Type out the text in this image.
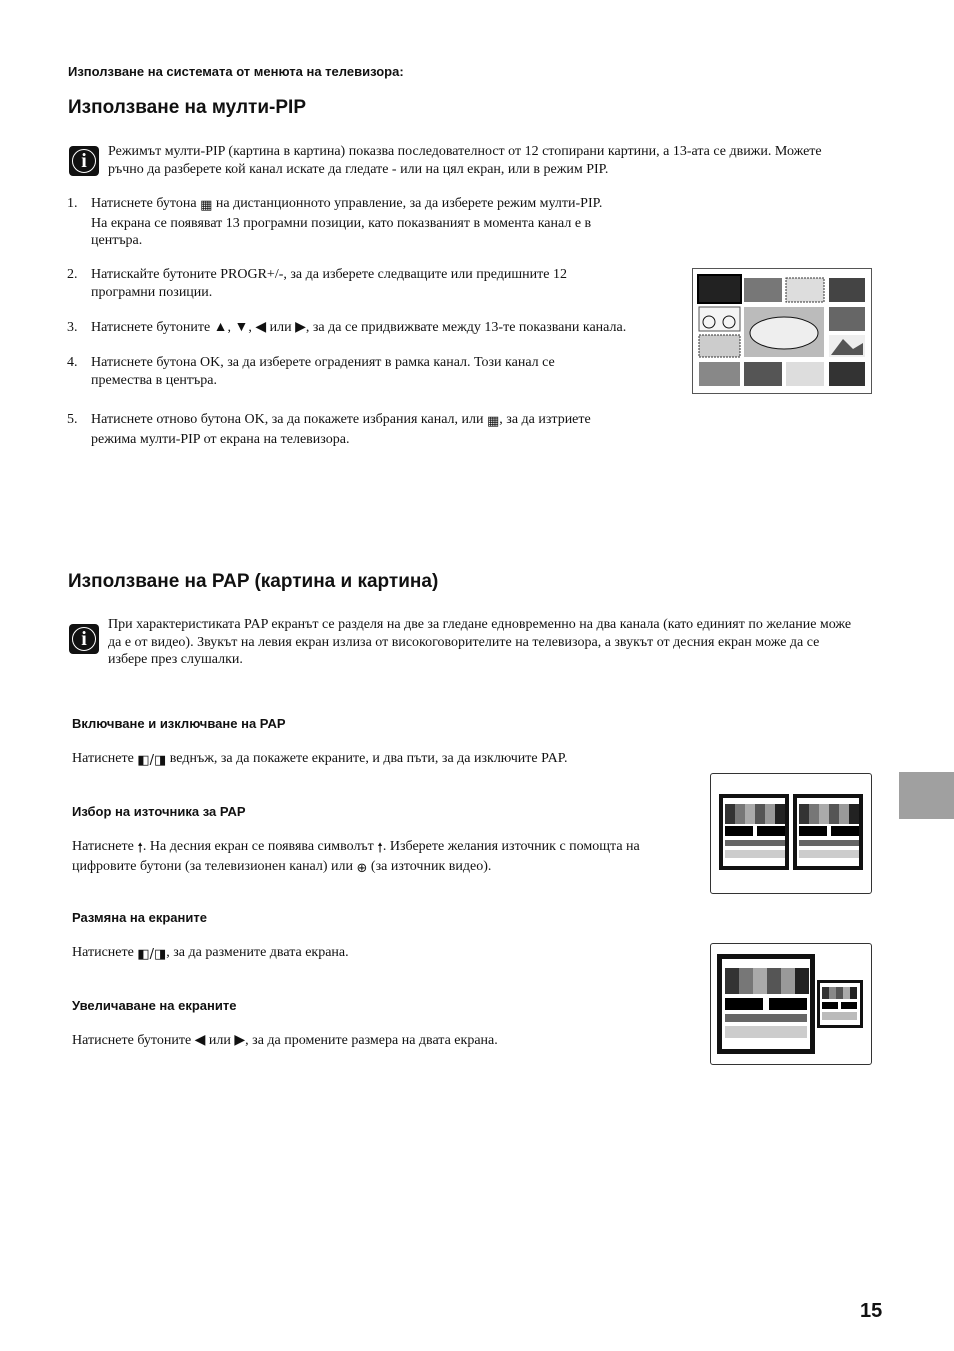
Използване на системата от менюта на телевизора:
Използване на мулти-PIP
i	Режимът мулти-PIP (картина в картина) показва последователност от 12 стопирани картини, а 13-ата се движи. Можете
ръчно да разберете кой канал искате да гледате - или на цял екран, или в режим PIP.
1. Натиснете бутона ▦ на дистанционното управление, за да изберете режим мулти-PIP.
На екрана се появяват 13 програмни позиции, като показваният в момента канал е в
центъра.
2. Натискайте бутоните PROGR+/-, за да изберете следващите или предишните 12
програмни позиции.
3. Натиснете бутоните ▲, ▼, ◀ или ▶, за да се придвижвате между 13-те показвани канала.
4. Натиснете бутона OK, за да изберете ограденият в рамка канал. Този канал се
премества в центъра.
5. Натиснете отново бутона OK, за да покажете избрания канал, или ▦, за да изтриете
режима мулти-PIP от екрана на телевизора.
Използване на PAP (картина и картина)
i
При характеристиката PAP екранът се разделя на две за гледане едновременно на два канала (като единият по желание може
да е от видео). Звукът на левия екран излиза от високоговорителите на телевизора, а звукът от десния екран може да се
избере през слушалки.
Включване и изключване на PAP
Натиснете ◧/◨ веднъж, за да покажете екраните, и два пъти, за да изключите PAP.
Избор на източника за PAP
Натиснете 🠕. На десния екран се появява символът 🠕. Изберете желания източник с помощта на
цифровите бутони (за телевизионен канал) или ⊕ (за източник видео).
Размяна на екраните
Натиснете ◧/◨, за да размените двата екрана.
Увеличаване на екраните
Натиснете бутоните ◀ или ▶, за да промените размера на двата екрана.
15
